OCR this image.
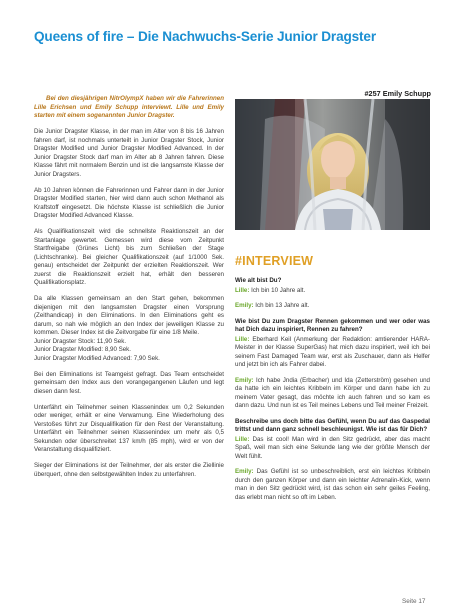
Queens of fire – Die Nachwuchs-Serie Junior Dragster

Bei den diesjährigen NitrOlympX haben wir die Fahrerinnen Lille Erichsen und Emily Schupp interviewt. Lille und Emily starten mit einem sogenannten Junior Dragster.

Die Junior Dragster Klasse, in der man im Alter von 8 bis 16 Jahren fahren darf, ist nochmals unterteilt in Junior Dragster Stock, Junior Dragster Modified und Junior Dragster Modified Advanced. In der Junior Dragster Stock darf man im Alter ab 8 Jahren fahren. Diese Klasse fährt mit normalem Benzin und ist die langsamste Klasse der Junior Dragsters.

Ab 10 Jahren können die Fahrerinnen und Fahrer dann in der Junior Dragster Modified starten, hier wird dann auch schon Methanol als Kraftstoff eingesetzt. Die höchste Klasse ist schließlich die Junior Dragster Modified Advanced Klasse.

Als Qualifikationszeit wird die schnellste Reaktionszeit an der Startanlage gewertet. Gemessen wird diese vom Zeitpunkt Startfreigabe (Grünes Licht) bis zum Schließen der Stage (Lichtschranke). Bei gleicher Qualifikationszeit (auf 1/1000 Sek. genau) entscheidet der Zeitpunkt der erzielten Reaktionszeit. Wer zuerst die Reaktionszeit erzielt hat, erhält den besseren Qualifikationsplatz.

Da alle Klassen gemeinsam an den Start gehen, bekommen diejenigen mit den langsamsten Dragster einen Vorsprung (Zeithandicap) in den Eliminations. In den Eliminations geht es darum, so nah wie möglich an den Index der jeweiligen Klasse zu kommen. Dieser Index ist die Zeitvorgabe für eine 1/8 Meile.
Junior Dragster Stock: 11,90 Sek.
Junior Dragster Modified: 8,90 Sek.
Junior Dragster Modified Advanced: 7,90 Sek.

Bei den Eliminations ist Teamgeist gefragt. Das Team entscheidet gemeinsam den Index aus den vorangegangenen Läufen und legt diesen dann fest.

Unterfährt ein Teilnehmer seinen Klassenindex um 0,2 Sekunden oder weniger, erhält er eine Verwarnung. Eine Wiederholung des Verstoßes führt zur Disqualifikation für den Rest der Veranstaltung. Unterfährt ein Teilnehmer seinen Klassenindex um mehr als 0,5 Sekunden oder überschreitet 137 km/h (85 mph), wird er von der Veranstaltung disqualifiziert.

Sieger der Eliminations ist der Teilnehmer, der als erster die Ziellinie überquert, ohne den selbstgewählten Index zu unterfahren.

#257 Emily Schupp
#INTERVIEW

Wie alt bist Du?

Lille: Ich bin 10 Jahre alt.

Emily: Ich bin 13 Jahre alt.

Wie bist Du zum Dragster Rennen gekommen und wer oder was hat Dich dazu inspiriert, Rennen zu fahren?

Lille: Eberhard Keil (Anmerkung der Redaktion: amtierender HARA-Meister in der Klasse SuperGas) hat mich dazu inspiriert, weil ich bei seinem Fast Damaged Team war, erst als Zuschauer, dann als Helfer und jetzt bin ich als Fahrer dabei.

Emily: Ich habe Jndia (Erbacher) und Ida (Zetterström) gesehen und da hatte ich ein leichtes Kribbeln im Körper und dann habe ich zu meinem Vater gesagt, das möchte ich auch fahren und so kam es dann dazu. Und nun ist es Teil meines Lebens und Teil meiner Freizeit.

Beschreibe uns doch bitte das Gefühl, wenn Du auf das Gaspedal trittst und dann ganz schnell beschleunigst. Wie ist das für Dich?

Lille: Das ist cool! Man wird in den Sitz gedrückt, aber das macht Spaß, weil man sich eine Sekunde lang wie der größte Mensch der Welt fühlt.

Emily: Das Gefühl ist so unbeschreiblich, erst ein leichtes Kribbeln durch den ganzen Körper und dann ein leichter Adrenalin-Kick, wenn man in den Sitz gedrückt wird, ist das schon ein sehr geiles Feeling, das erlebt man nicht so oft im Leben.

Seite 17
